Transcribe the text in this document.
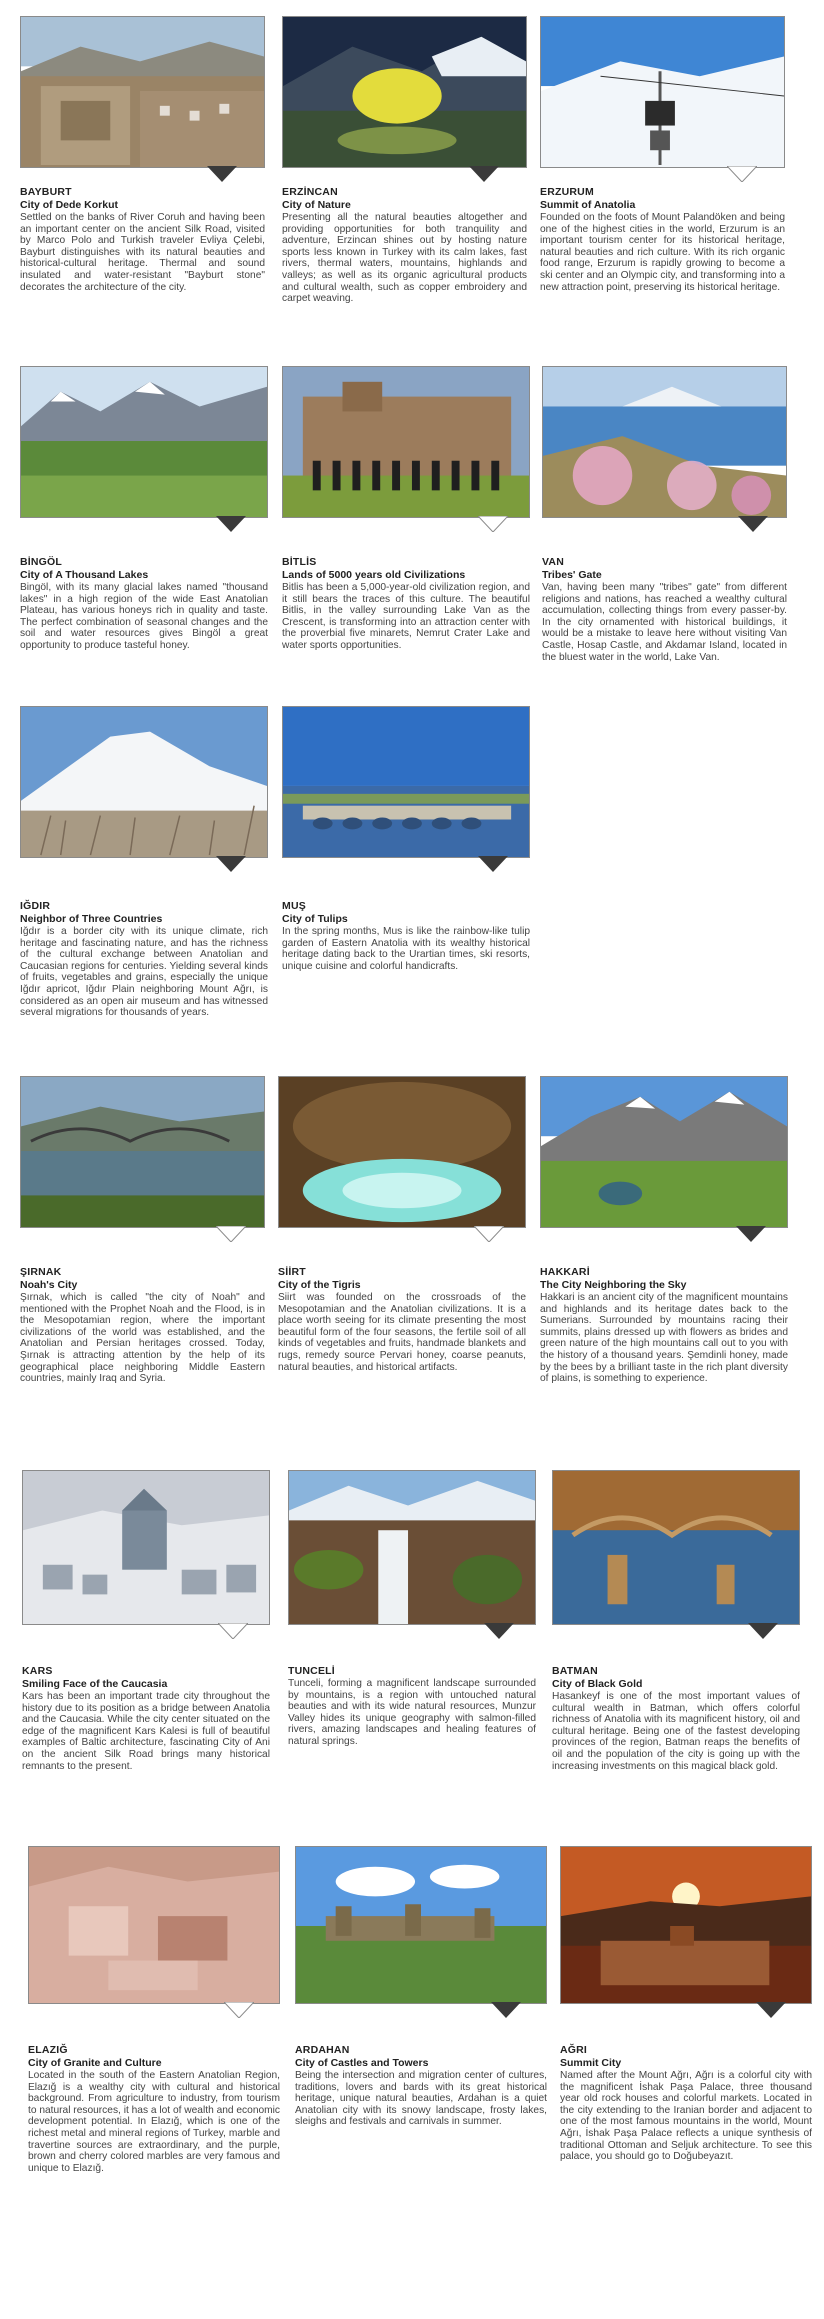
BAYBURT
City of Dede Korkut
Settled on the banks of River Coruh and having been an important center on the ancient Silk Road, visited by Marco Polo and Turkish traveler Evliya Çelebi, Bayburt distinguishes with its natural beauties and historical-cultural heritage. Thermal and sound insulated and water-resistant "Bayburt stone" decorates the architecture of the city.
ERZİNCAN
City of Nature
Presenting all the natural beauties altogether and providing opportunities for both tranquility and adventure, Erzincan shines out by hosting nature sports less known in Turkey with its calm lakes, fast rivers, thermal waters, mountains, highlands and valleys; as well as its organic agricultural products and cultural wealth, such as copper embroidery and carpet weaving.
ERZURUM
Summit of Anatolia
Founded on the foots of Mount Palandöken and being one of the highest cities in the world, Erzurum is an important tourism center for its historical heritage, natural beauties and rich culture. With its rich organic food range, Erzurum is rapidly growing to become a ski center and an Olympic city, and transforming into a new attraction point, preserving its historical heritage.
BİNGÖL
City of A Thousand Lakes
Bingöl, with its many glacial lakes named "thousand lakes" in a high region of the wide East Anatolian Plateau, has various honeys rich in quality and taste. The perfect combination of seasonal changes and the soil and water resources gives Bingöl a great opportunity to produce tasteful honey.
BİTLİS
Lands of 5000 years old Civilizations
Bitlis has been a 5,000-year-old civilization region, and it still bears the traces of this culture. The beautiful Bitlis, in the valley surrounding Lake Van as the Crescent, is transforming into an attraction center with the proverbial five minarets, Nemrut Crater Lake and water sports opportunities.
VAN
Tribes' Gate
Van, having been many "tribes" gate" from different religions and nations, has reached a wealthy cultural accumulation, collecting things from every passer-by. In the city ornamented with historical buildings, it would be a mistake to leave here without visiting Van Castle, Hosap Castle, and Akdamar Island, located in the bluest water in the world, Lake Van.
IĞDIR
Neighbor of Three Countries
Iğdır is a border city with its unique climate, rich heritage and fascinating nature, and has the richness of the cultural exchange between Anatolian and Caucasian regions for centuries. Yielding several kinds of fruits, vegetables and grains, especially the unique Iğdır apricot, Iğdır Plain neighboring Mount Ağrı, is considered as an open air museum and has witnessed several migrations for thousands of years.
MUŞ
City of Tulips
In the spring months, Mus is like the rainbow-like tulip garden of Eastern Anatolia with its wealthy historical heritage dating back to the Urartian times, ski resorts, unique cuisine and colorful handicrafts.
ŞIRNAK
Noah's City
Şırnak, which is called "the city of Noah" and mentioned with the Prophet Noah and the Flood, is in the Mesopotamian region, where the important civilizations of the world was established, and the Anatolian and Persian heritages crossed. Today, Şırnak is attracting attention by the help of its geographical place neighboring Middle Eastern countries, mainly Iraq and Syria.
SİİRT
City of the Tigris
Siirt was founded on the crossroads of the Mesopotamian and the Anatolian civilizations. It is a place worth seeing for its climate presenting the most beautiful form of the four seasons, the fertile soil of all kinds of vegetables and fruits, handmade blankets and rugs, remedy source Pervari honey, coarse peanuts, natural beauties, and historical artifacts.
HAKKARİ
The City Neighboring the Sky
Hakkari is an ancient city of the magnificent mountains and highlands and its heritage dates back to the Sumerians. Surrounded by mountains racing their summits, plains dressed up with flowers as brides and green nature of the high mountains call out to you with the history of a thousand years. Şemdinli honey, made by the bees by a brilliant taste in the rich plant diversity of plains, is something to experience.
KARS
Smiling Face of the Caucasia
Kars has been an important trade city throughout the history due to its position as a bridge between Anatolia and the Caucasia. While the city center situated on the edge of the magnificent Kars Kalesi is full of beautiful examples of Baltic architecture, fascinating City of Ani on the ancient Silk Road brings many historical remnants to the present.
TUNCELİ
Tunceli, forming a magnificent landscape surrounded by mountains, is a region with untouched natural beauties and with its wide natural resources, Munzur Valley hides its unique geography with salmon-filled rivers, amazing landscapes and healing features of natural springs.
BATMAN
City of Black Gold
Hasankeyf is one of the most important values of cultural wealth in Batman, which offers colorful richness of Anatolia with its magnificent history, oil and cultural heritage. Being one of the fastest developing provinces of the region, Batman reaps the benefits of oil and the population of the city is going up with the increasing investments on this magical black gold.
ELAZIĞ
City of Granite and Culture
Located in the south of the Eastern Anatolian Region, Elazığ is a wealthy city with cultural and historical background. From agriculture to industry, from tourism to natural resources, it has a lot of wealth and economic development potential. In Elazığ, which is one of the richest metal and mineral regions of Turkey, marble and travertine sources are extraordinary, and the purple, brown and cherry colored marbles are very famous and unique to Elazığ.
ARDAHAN
City of Castles and Towers
Being the intersection and migration center of cultures, traditions, lovers and bards with its great historical heritage, unique natural beauties, Ardahan is a quiet Anatolian city with its snowy landscape, frosty lakes, sleighs and festivals and carnivals in summer.
AĞRI
Summit City
Named after the Mount Ağrı, Ağrı is a colorful city with the magnificent İshak Paşa Palace, three thousand year old rock houses and colorful markets. Located in the city extending to the Iranian border and adjacent to one of the most famous mountains in the world, Mount Ağrı, İshak Paşa Palace reflects a unique synthesis of traditional Ottoman and Seljuk architecture. To see this palace, you should go to Doğubeyazıt.
